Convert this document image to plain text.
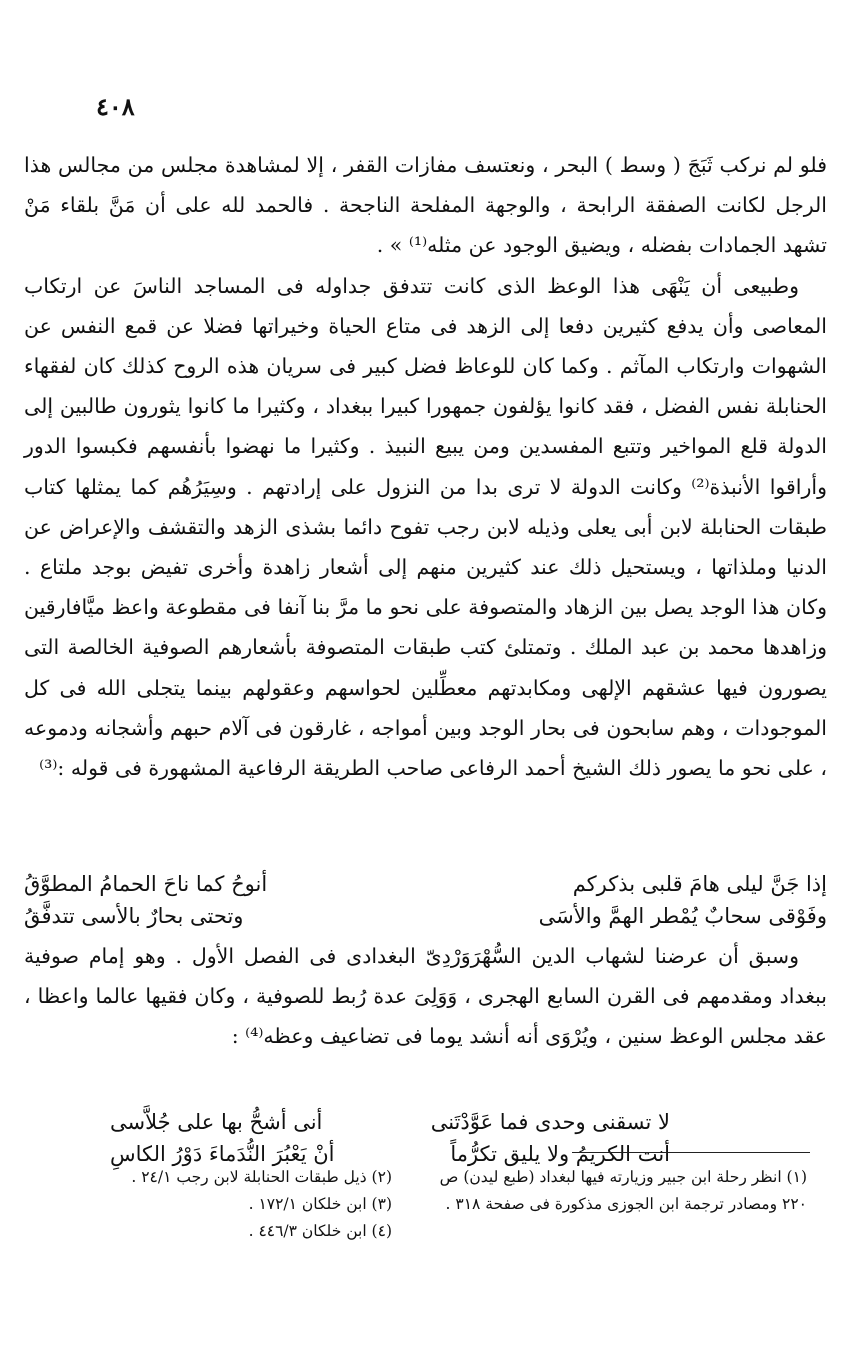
٤٠٨

فلو لم نركب ثَبَجَ ( وسط ) البحر ، ونعتسف مفازات القفر ، إلا لمشاهدة مجلس من مجالس هذا الرجل لكانت الصفقة الرابحة ، والوجهة المفلحة الناجحة . فالحمد لله على أن مَنَّ بلقاء مَنْ تشهد الجمادات بفضله ، ويضيق الوجود عن مثله⁽¹⁾ » .

وطبيعى أن يَنْهَى هذا الوعظ الذى كانت تتدفق جداوله فى المساجد الناسَ عن ارتكاب المعاصى وأن يدفع كثيرين دفعا إلى الزهد فى متاع الحياة وخيراتها فضلا عن قمع النفس عن الشهوات وارتكاب المآثم . وكما كان للوعاظ فضل كبير فى سريان هذه الروح كذلك كان لفقهاء الحنابلة نفس الفضل ، فقد كانوا يؤلفون جمهورا كبيرا ببغداد ، وكثيرا ما كانوا يثورون طالبين إلى الدولة قلع المواخير وتتبع المفسدين ومن يبيع النبيذ . وكثيرا ما نهضوا بأنفسهم فكبسوا الدور وأراقوا الأنبذة⁽²⁾ وكانت الدولة لا ترى بدا من النزول على إرادتهم . وسِيَرُهُم كما يمثلها كتاب طبقات الحنابلة لابن أبى يعلى وذيله لابن رجب تفوح دائما بشذى الزهد والتقشف والإعراض عن الدنيا وملذاتها ، ويستحيل ذلك عند كثيرين منهم إلى أشعار زاهدة وأخرى تفيض بوجد ملتاع . وكان هذا الوجد يصل بين الزهاد والمتصوفة على نحو ما مرَّ بنا آنفا فى مقطوعة واعظ ميَّافارقين وزاهدها محمد بن عبد الملك . وتمتلئ كتب طبقات المتصوفة بأشعارهم الصوفية الخالصة التى يصورون فيها عشقهم الإلهى ومكابدتهم معطِّلين لحواسهم وعقولهم بينما يتجلى الله فى كل الموجودات ، وهم سابحون فى بحار الوجد وبين أمواجه ، غارقون فى آلام حبهم وأشجانه ودموعه ، على نحو ما يصور ذلك الشيخ أحمد الرفاعى صاحب الطريقة الرفاعية المشهورة فى قوله :⁽³⁾

إذا جَنَّ ليلى هامَ قلبى بذكركم
أنوحُ كما ناحَ الحمامُ المطوَّقُ
وفَوْقى سحابٌ يُمْطر الهمَّ والأسَى
وتحتى بحارٌ بالأسى تتدفَّقُ

وسبق أن عرضنا لشهاب الدين السُّهْرَوَرْدِىّ البغدادى فى الفصل الأول . وهو إمام صوفية ببغداد ومقدمهم فى القرن السابع الهجرى ، وَوَلِىَ عدة رُبط للصوفية ، وكان فقيها عالما واعظا ، عقد مجلس الوعظ سنين ، ويُرْوَى أنه أنشد يوما فى تضاعيف وعظه⁽⁴⁾ :

لا تسقنى وحدى فما عَوَّدْتَنى
أنى أشحُّ بها على جُلاَّسى
أنت الكريمُ ولا يليق تكرُّماً
أنْ يَعْبُرَ النُّدَماءَ دَوْرُ الكاسِ

(١) انظر رحلة ابن جبير وزيارته فيها لبغداد (طبع ليدن) ص ٢٢٠ ومصادر ترجمة ابن الجوزى مذكورة فى صفحة ٣١٨ .

(٢) ذيل طبقات الحنابلة لابن رجب ٢٤/١ .

(٣) ابن خلكان ١٧٢/١ .

(٤) ابن خلكان ٤٤٦/٣ .
